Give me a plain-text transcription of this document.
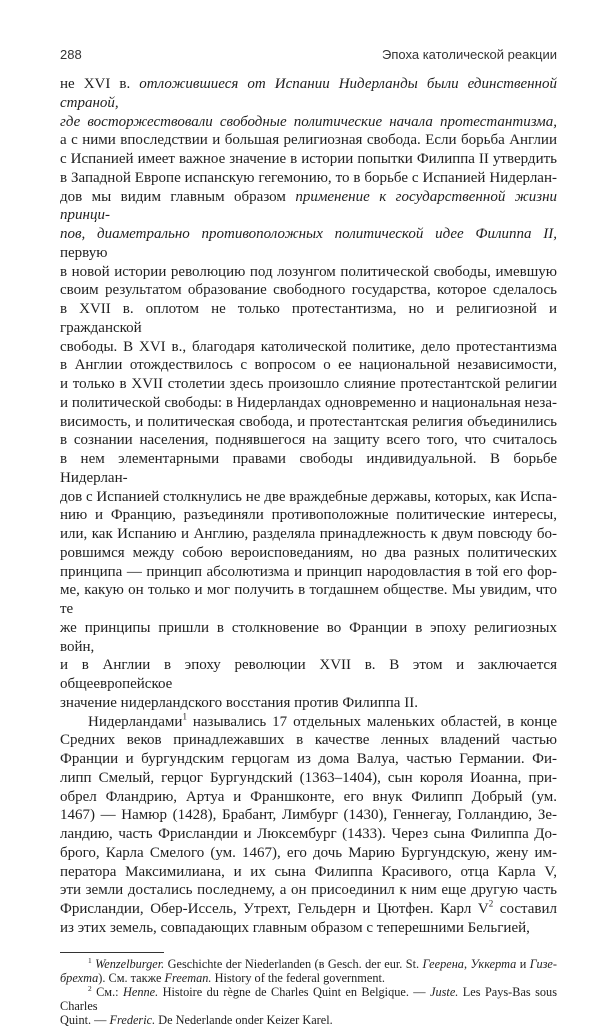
288	Эпоха католической реакции
не XVI в. отложившиеся от Испании Нидерланды были единственной страной,
где восторжествовали свободные политические начала протестантизма,
а с ними впоследствии и большая религиозная свобода. Если борьба Англии
с Испанией имеет важное значение в истории попытки Филиппа II утвердить
в Западной Европе испанскую гегемонию, то в борьбе с Испанией Нидерлан-
дов мы видим главным образом применение к государственной жизни принци-
пов, диаметрально противоположных политической идее Филиппа II, первую
в новой истории революцию под лозунгом политической свободы, имевшую
своим результатом образование свободного государства, которое сделалось
в XVII в. оплотом не только протестантизма, но и религиозной и гражданской
свободы. В XVI в., благодаря католической политике, дело протестантизма
в Англии отождествилось с вопросом о ее национальной независимости,
и только в XVII столетии здесь произошло слияние протестантской религии
и политической свободы: в Нидерландах одновременно и национальная неза-
висимость, и политическая свобода, и протестантская религия объединились
в сознании населения, поднявшегося на защиту всего того, что считалось
в нем элементарными правами свободы индивидуальной. В борьбе Нидерлан-
дов с Испанией столкнулись не две враждебные державы, которых, как Испа-
нию и Францию, разъединяли противоположные политические интересы,
или, как Испанию и Англию, разделяла принадлежность к двум повсюду бо-
ровшимся между собою вероисповеданиям, но два разных политических
принципа — принцип абсолютизма и принцип народовластия в той его фор-
ме, какую он только и мог получить в тогдашнем обществе. Мы увидим, что те
же принципы пришли в столкновение во Франции в эпоху религиозных войн,
и в Англии в эпоху революции XVII в. В этом и заключается общеевропейское
значение нидерландского восстания против Филиппа II.
Нидерландами$^1$ назывались 17 отдельных маленьких областей, в конце
Средних веков принадлежавших в качестве ленных владений частью
Франции и бургундским герцогам из дома Валуа, частью Германии. Фи-
липп Смелый, герцог Бургундский (1363–1404), сын короля Иоанна, при-
обрел Фландрию, Артуа и Франшконте, его внук Филипп Добрый (ум.
1467) — Намюр (1428), Брабант, Лимбург (1430), Геннегау, Голландию, Зе-
ландию, часть Фрисландии и Люксембург (1433). Через сына Филиппа До-
брого, Карла Смелого (ум. 1467), его дочь Марию Бургундскую, жену им-
ператора Максимилиана, и их сына Филиппа Красивого, отца Карла V,
эти земли достались последнему, а он присоединил к ним еще другую часть
Фрисландии, Обер-Иссель, Утрехт, Гельдерн и Цютфен. Карл $V^2$ составил
из этих земель, совпадающих главным образом с теперешними Бельгией,
$^1$ Wenzelburger. Geschichte der Niederlanden (в Gesch. der eur. St. Геерена, Уккерта и Гизе-
брехта). См. также Freeman. History of the federal government.
$^2$ См.: Henne. Histoire du règne de Charles Quint en Belgique. — Juste. Les Pays-Bas sous Charles
Quint. — Frederic. De Nederlande onder Keizer Karel.
